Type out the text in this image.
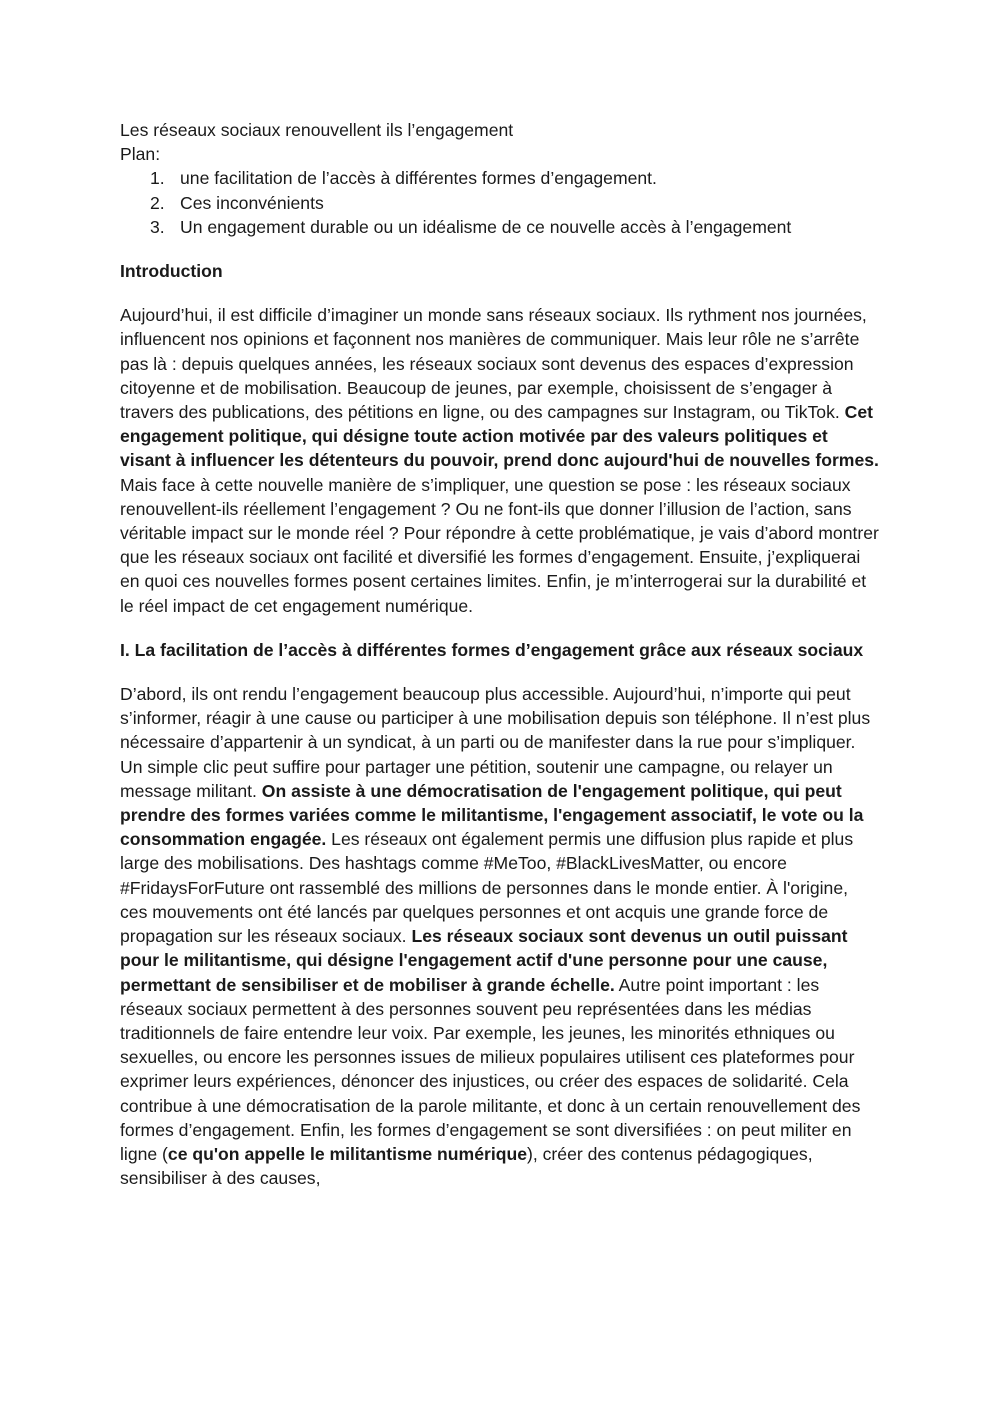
Les réseaux sociaux renouvellent ils l’engagement

Plan:

1. une facilitation de l’accès à différentes formes d’engagement.
2. Ces inconvénients
3. Un engagement durable ou un idéalisme de ce nouvelle accès à l’engagement

Introduction

Aujourd’hui, il est difficile d’imaginer un monde sans réseaux sociaux. Ils rythment nos journées, influencent nos opinions et façonnent nos manières de communiquer. Mais leur rôle ne s’arrête pas là : depuis quelques années, les réseaux sociaux sont devenus des espaces d’expression citoyenne et de mobilisation. Beaucoup de jeunes, par exemple, choisissent de s’engager à travers des publications, des pétitions en ligne, ou des campagnes sur Instagram, ou TikTok. Cet engagement politique, qui désigne toute action motivée par des valeurs politiques et visant à influencer les détenteurs du pouvoir, prend donc aujourd'hui de nouvelles formes. Mais face à cette nouvelle manière de s’impliquer, une question se pose : les réseaux sociaux renouvellent-ils réellement l’engagement ? Ou ne font-ils que donner l’illusion de l’action, sans véritable impact sur le monde réel ? Pour répondre à cette problématique, je vais d’abord montrer que les réseaux sociaux ont facilité et diversifié les formes d’engagement. Ensuite, j’expliquerai en quoi ces nouvelles formes posent certaines limites. Enfin, je m’interrogerai sur la durabilité et le réel impact de cet engagement numérique.

I. La facilitation de l’accès à différentes formes d’engagement grâce aux réseaux sociaux

D’abord, ils ont rendu l’engagement beaucoup plus accessible. Aujourd’hui, n’importe qui peut s’informer, réagir à une cause ou participer à une mobilisation depuis son téléphone. Il n’est plus nécessaire d’appartenir à un syndicat, à un parti ou de manifester dans la rue pour s’impliquer. Un simple clic peut suffire pour partager une pétition, soutenir une campagne, ou relayer un message militant. On assiste à une démocratisation de l'engagement politique, qui peut prendre des formes variées comme le militantisme, l'engagement associatif, le vote ou la consommation engagée. Les réseaux ont également permis une diffusion plus rapide et plus large des mobilisations. Des hashtags comme #MeToo, #BlackLivesMatter, ou encore #FridaysForFuture ont rassemblé des millions de personnes dans le monde entier. À l'origine, ces mouvements ont été lancés par quelques personnes et ont acquis une grande force de propagation sur les réseaux sociaux. Les réseaux sociaux sont devenus un outil puissant pour le militantisme, qui désigne l'engagement actif d'une personne pour une cause, permettant de sensibiliser et de mobiliser à grande échelle. Autre point important : les réseaux sociaux permettent à des personnes souvent peu représentées dans les médias traditionnels de faire entendre leur voix. Par exemple, les jeunes, les minorités ethniques ou sexuelles, ou encore les personnes issues de milieux populaires utilisent ces plateformes pour exprimer leurs expériences, dénoncer des injustices, ou créer des espaces de solidarité. Cela contribue à une démocratisation de la parole militante, et donc à un certain renouvellement des formes d’engagement. Enfin, les formes d’engagement se sont diversifiées : on peut militer en ligne (ce qu'on appelle le militantisme numérique), créer des contenus pédagogiques, sensibiliser à des causes,
